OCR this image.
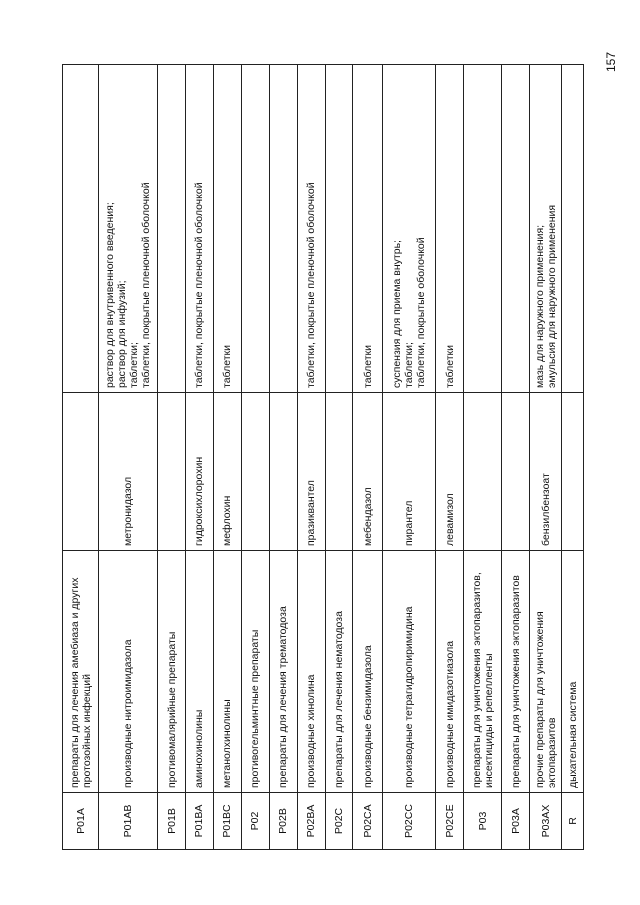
157
P01A	препараты для лечения амебиаза и других протозойных инфекций		
P01AB	производные нитроимидазола	метронидазол	раствор для внутривенного введения; раствор для инфузий; таблетки; таблетки, покрытые пленочной оболочкой

P01B	противомалярийные препараты		
P01BA	аминохинолины	гидроксихлорохин	таблетки, покрытые пленочной оболочкой

P01BC	метанолхинолины	мефлохин	таблетки

P02	противогельминтные препараты		
P02B	препараты для лечения трематодоза		
P02BA	производные хинолина	празиквантел	таблетки, покрытые пленочной оболочкой

P02C	препараты для лечения нематодоза		
P02CA	производные бензимидазола	мебендазол	таблетки

P02CC	производные тетрагидропиримидина	пирантел	суспензия для приема внутрь; таблетки; таблетки, покрытые оболочкой

P02CE	производные имидазотиазола	левамизол	таблетки

P03	препараты для уничтожения эктопаразитов, инсектициды и репелленты		
P03A	препараты для уничтожения эктопаразитов		
P03AX	прочие препараты для уничтожения эктопаразитов	бензилбензоат	мазь для наружного применения; эмульсия для наружного применения

R	дыхательная система		
